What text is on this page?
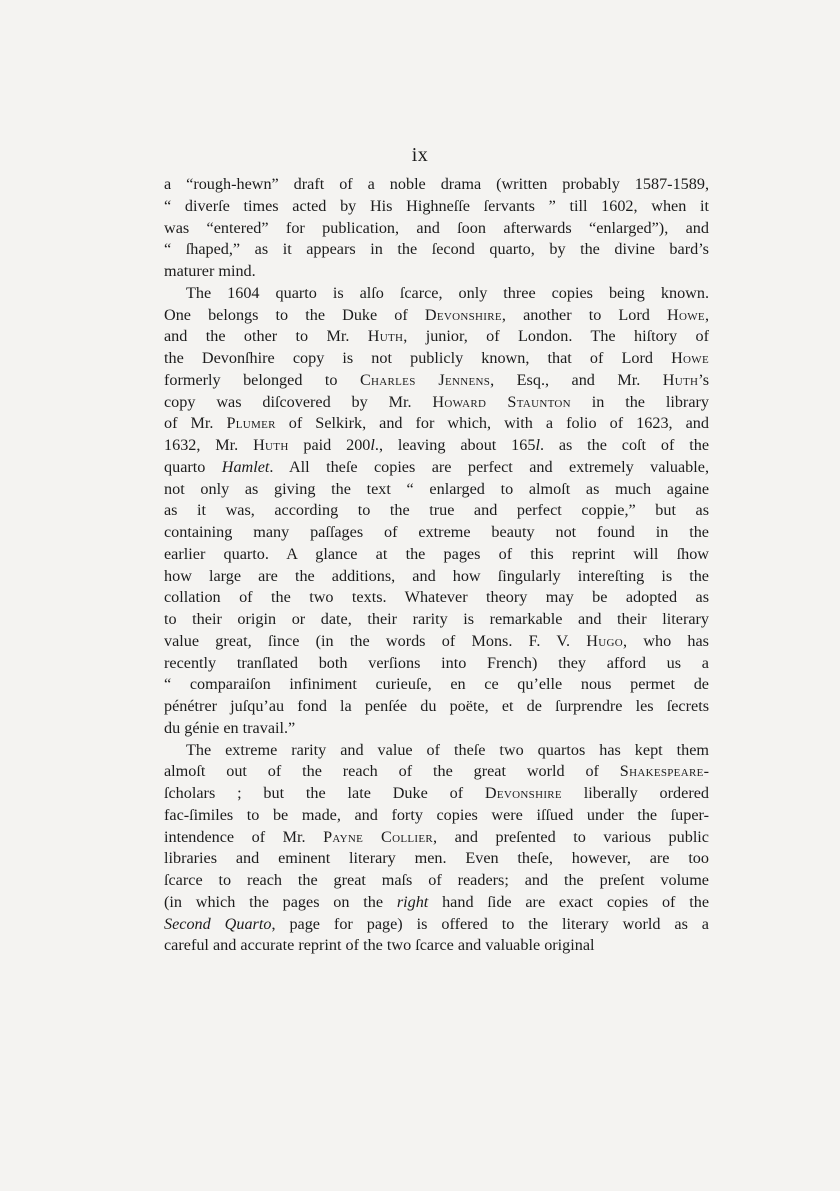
ix
a “rough-hewn” draft of a noble drama (written probably 1587-1589,
“ diverſe times acted by His Highneſſe ſervants ” till 1602, when it
was “entered” for publication, and ſoon afterwards “enlarged”), and
“ ſhaped,” as it appears in the ſecond quarto, by the divine bard’s
maturer mind.
The 1604 quarto is alſo ſcarce, only three copies being known.
One belongs to the Duke of Devonshire, another to Lord Howe,
and the other to Mr. Huth, junior, of London. The hiſtory of
the Devonſhire copy is not publicly known, that of Lord Howe
formerly belonged to Charles Jennens, Esq., and Mr. Huth’s
copy was diſcovered by Mr. Howard Staunton in the library
of Mr. Plumer of Selkirk, and for which, with a folio of 1623, and
1632, Mr. Huth paid 200l., leaving about 165l. as the coſt of the
quarto Hamlet. All theſe copies are perfect and extremely valuable,
not only as giving the text “ enlarged to almoſt as much againe
as it was, according to the true and perfect coppie,” but as
containing many paſſages of extreme beauty not found in the
earlier quarto. A glance at the pages of this reprint will ſhow
how large are the additions, and how ſingularly intereſting is the
collation of the two texts. Whatever theory may be adopted as
to their origin or date, their rarity is remarkable and their literary
value great, ſince (in the words of Mons. F. V. Hugo, who has
recently tranſlated both verſions into French) they afford us a
“ comparaiſon infiniment curieuſe, en ce qu’elle nous permet de
pénétrer juſqu’au fond la penſée du poëte, et de ſurprendre les ſecrets
du génie en travail.”
The extreme rarity and value of theſe two quartos has kept them
almoſt out of the reach of the great world of Shakespeare-
ſcholars ; but the late Duke of Devonshire liberally ordered
fac-ſimiles to be made, and forty copies were iſſued under the ſuper-
intendence of Mr. Payne Collier, and preſented to various public
libraries and eminent literary men. Even theſe, however, are too
ſcarce to reach the great maſs of readers; and the preſent volume
(in which the pages on the right hand ſide are exact copies of the
Second Quarto, page for page) is offered to the literary world as a
careful and accurate reprint of the two ſcarce and valuable original
